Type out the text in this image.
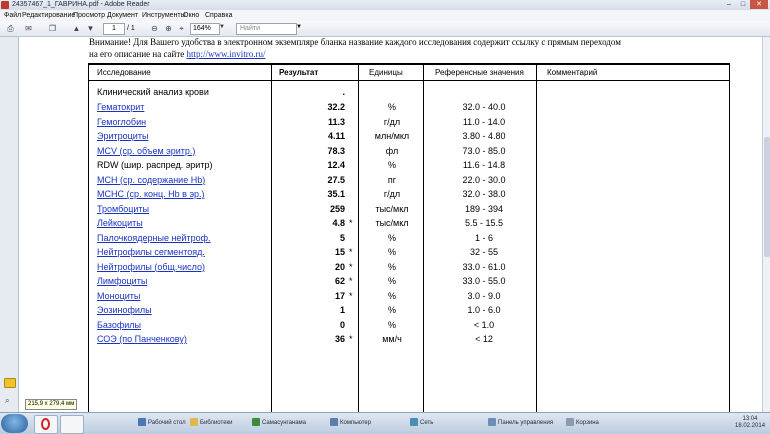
24357467_1_ГАВРИНА.pdf - Adobe Reader	–	□	✕
Файл Редактирование
Просмотр Документ Инструменты
Окно Справка
⎙ ✉ ❐ ▲ ▼	1	/ 1 ⊖ ⊕ ⌖	164%	▼	Найти	▼
⌕
Внимание! Для Вашего удобства в электронном экземпляре бланка название каждого исследования содержит ссылку с прямым переходом
на его описание на сайте http://www.invitro.ru/
Исследование	Результат	Единицы	Референсные значения	Комментарий
Клинический анализ крови	.
Гематокрит	32.2	%	32.0 - 40.0
Гемоглобин	11.3	г/дл	11.0 - 14.0
Эритроциты	4.11	млн/мкл	3.80 - 4.80
MCV (ср. объем эритр.)	78.3	фл	73.0 - 85.0
RDW (шир. распред. эритр)	12.4	%	11.6 - 14.8
MCH (ср. содержание Hb)	27.5	пг	22.0 - 30.0
MCHC (ср. конц. Hb в эр.)	35.1	г/дл	32.0 - 38.0
Тромбоциты	259	тыс/мкл	189 - 394
Лейкоциты	4.8 *	тыс/мкл	5.5 - 15.5
Палочкоядерные нейтроф.	5	%	1 - 6
Нейтрофилы сегментояд.	15 *	%	32 - 55
Нейтрофилы (общ.число)	20 *	%	33.0 - 61.0
Лимфоциты	62 *	%	33.0 - 55.0
Моноциты	17 *	%	3.0 - 9.0
Эозинофилы	1	%	1.0 - 6.0
Базофилы	0	%	< 1.0
СОЭ (по Панченкову)	36 *	мм/ч	< 12
215,9 x 279,4 мм
Рабочий стол	Библиотеки	Самасунганама	Компьютер	Сеть	Панель управления	Корзина
13:04
18.02.2014
